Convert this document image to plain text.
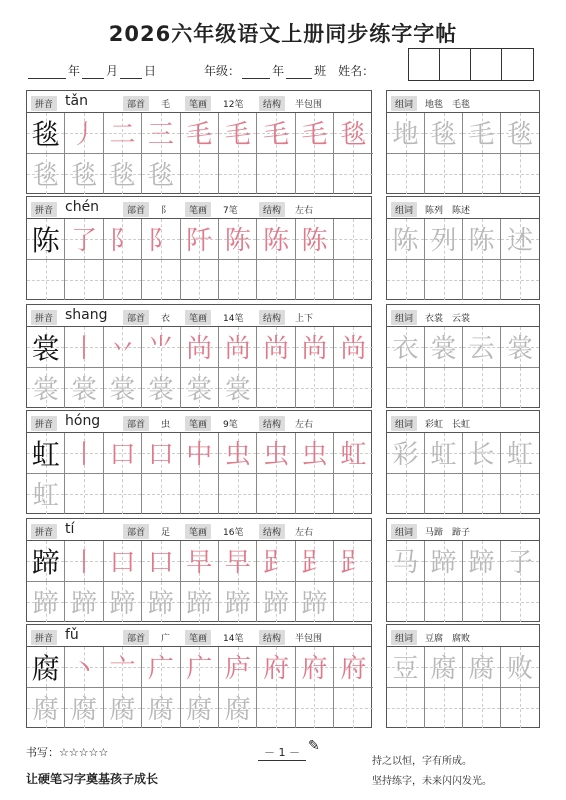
2026六年级语文上册同步练字字帖
年 月 日	年级：	年	班 姓名：
拼音 tǎn	部首	毛	笔画	12笔	结构	半包围
毯 丿 二 三 毛 毛 毛 毛 毯
毯 毯 毯 毯
组词	地毯　毛毯
地 毯 毛 毯
拼音 chén	部首	阝	笔画	7笔	结构	左右
陈 了 阝 阝 阡 陈 陈 陈
组词	陈列　陈述
陈 列 陈 述
拼音 shang	部首	衣	笔画	14笔	结构	上下
裳 丨 丷 ⺌ 尚 尚 尚 尚 尚
裳 裳 裳 裳 裳 裳
组词	衣裳　云裳
衣 裳 云 裳
拼音 hóng	部首	虫	笔画	9笔	结构	左右
虹 丨 口 口 中 虫 虫 虫 虹
虹
组词	彩虹　长虹
彩 虹 长 虹
拼音 tí	部首	足	笔画	16笔	结构	左右
蹄 丨 口 口 早 早 𧾷 𧾷 𧾷
蹄 蹄 蹄 蹄 蹄 蹄 蹄 蹄
组词	马蹄　蹄子
马 蹄 蹄 子
拼音 fǔ	部首	广	笔画	14笔	结构	半包围
腐 丶 亠 广 广 庐 府 府 府
腐 腐 腐 腐 腐 腐
组词	豆腐　腐败
豆 腐 腐 败
书写：☆☆☆☆☆
让硬笔习字奠基孩子成长
－ 1 － ✎
持之以恒，字有所成。
坚持练字，未来闪闪发光。
